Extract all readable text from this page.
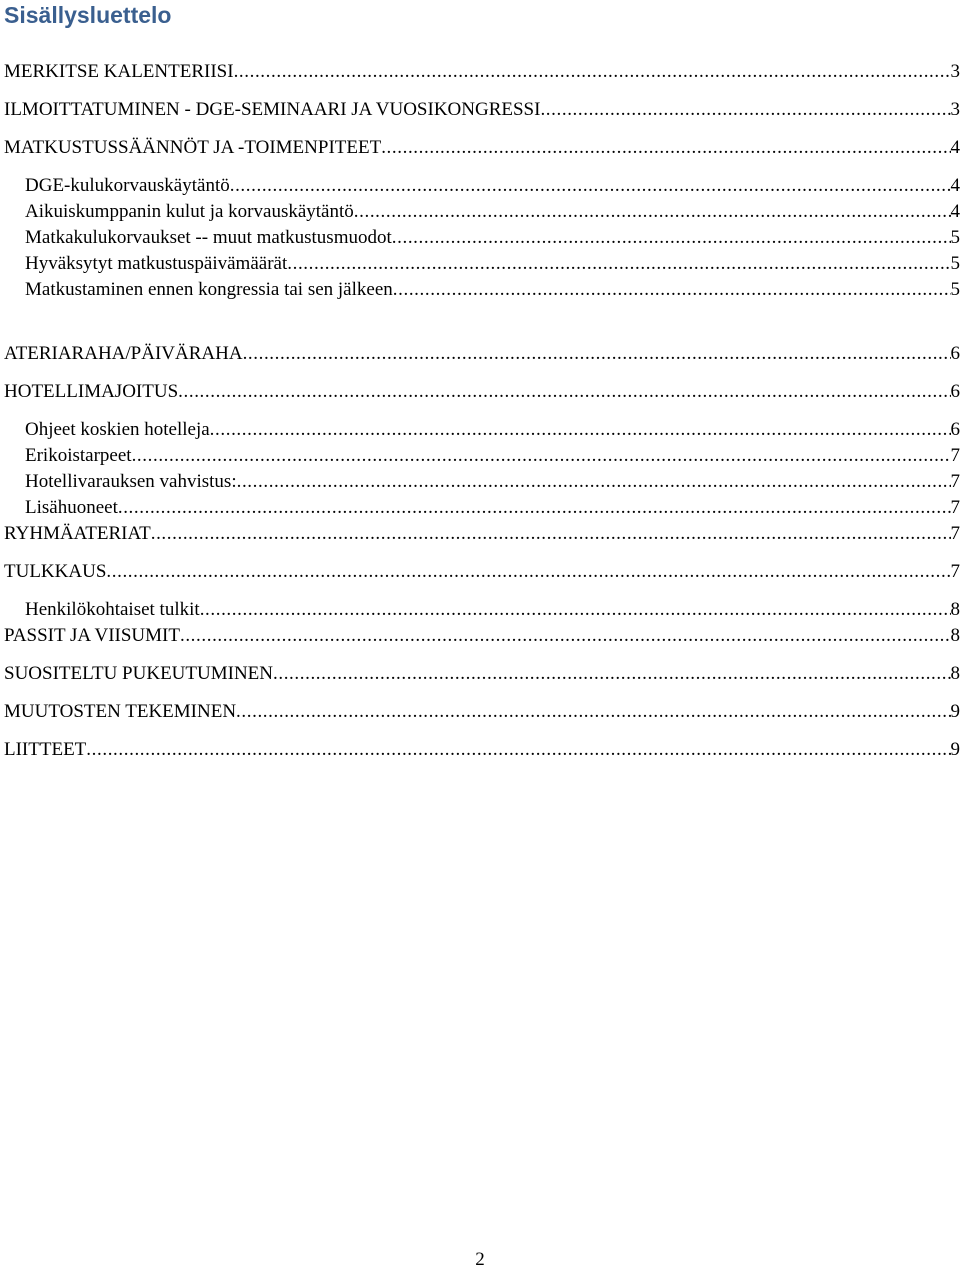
Sisällysluettelo
MERKITSE KALENTERIISI .....	3
ILMOITTATUMINEN - DGE-SEMINAARI JA VUOSIKONGRESSI .....	3
MATKUSTUSSÄÄNNÖT JA -TOIMENPITEET .....	4
DGE-kulukorvauskäytäntö .....	4
Aikuiskumppanin kulut ja korvauskäytäntö .....	4
Matkakulukorvaukset -- muut matkustusmuodot .....	5
Hyväksytyt matkustuspäivämäärät .....	5
Matkustaminen ennen kongressia tai sen jälkeen .....	5
ATERIARAHA/PÄIVÄRAHA .....	6
HOTELLIMAJOITUS .....	6
Ohjeet koskien hotelleja .....	6
Erikoistarpeet .....	7
Hotellivarauksen vahvistus: .....	7
Lisähuoneet .....	7
RYHMÄATERIAT .....	7
TULKKAUS .....	7
Henkilökohtaiset tulkit .....	8
PASSIT JA VIISUMIT .....	8
SUOSITELTU PUKEUTUMINEN .....	8
MUUTOSTEN TEKEMINEN .....	9
LIITTEET .....	9
2
